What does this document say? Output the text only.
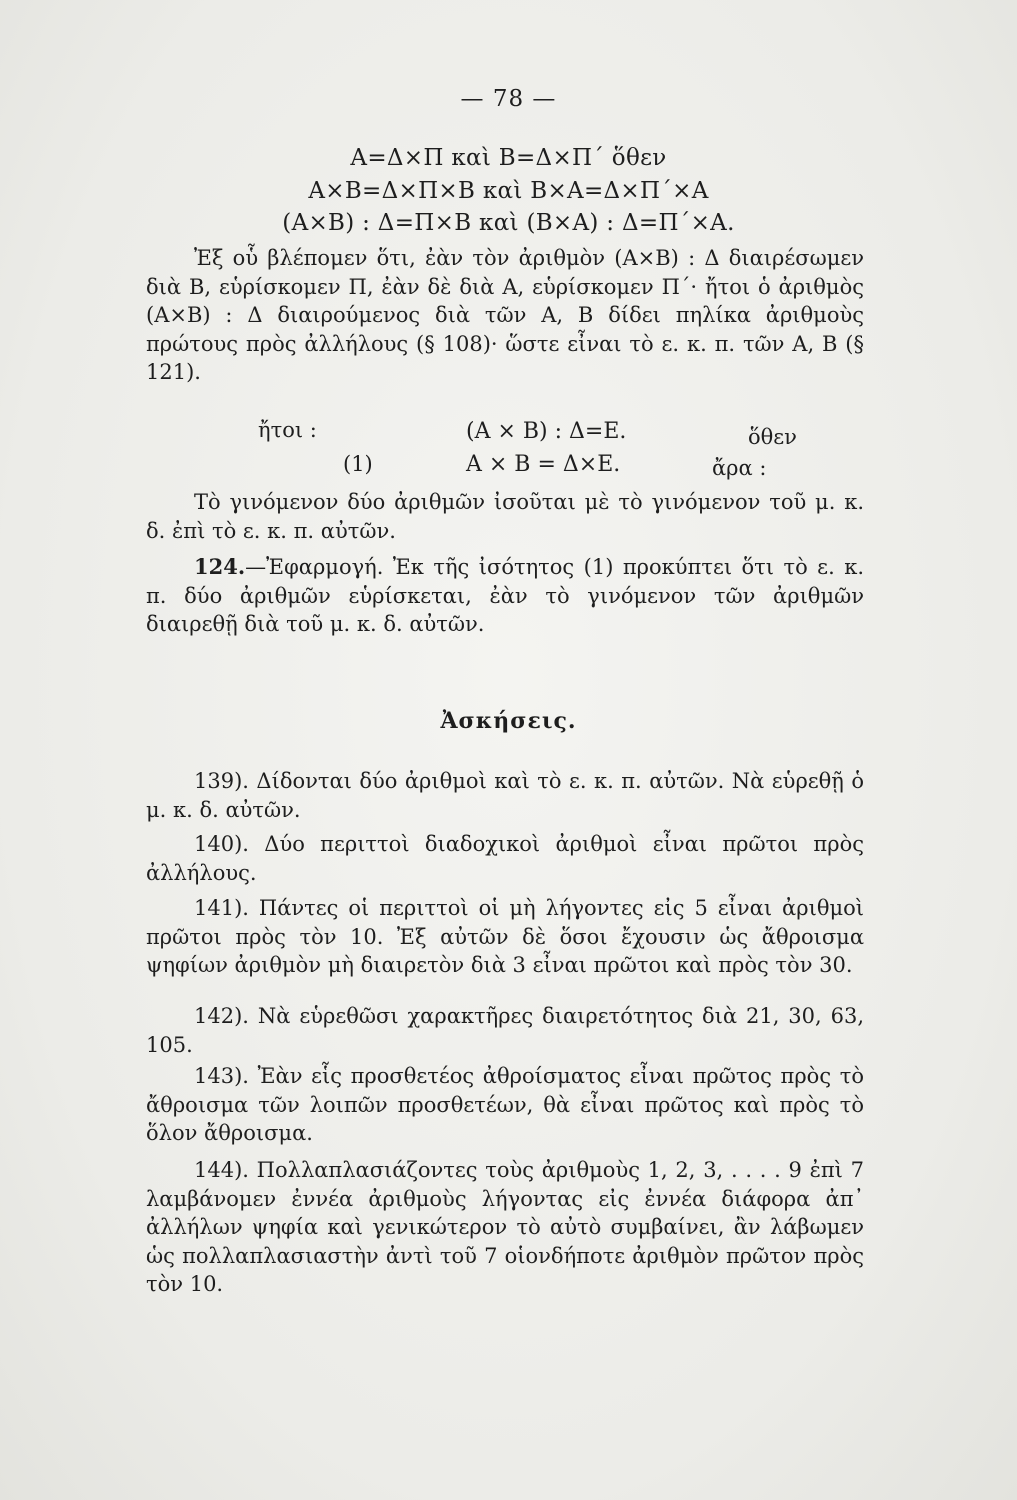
— 78 —
A=Δ×Π καὶ B=Δ×Π΄ ὅθεν
A×B=Δ×Π×B καὶ B×A=Δ×Π΄×A
(A×B) : Δ=Π×B καὶ (B×A) : Δ=Π΄×A.
Ἐξ οὗ βλέπομεν ὅτι, ἐὰν τὸν ἀριθμὸν (A×B) : Δ διαιρέσωμεν διὰ B, εὑρίσκομεν Π, ἐὰν δὲ διὰ A, εὑρίσκομεν Π΄· ἤτοι ὁ ἀριθμὸς (A×B) : Δ διαιρούμενος διὰ τῶν A, B δίδει πηλίκα ἀριθμοὺς πρώτους πρὸς ἀλλήλους (§ 108)· ὥστε εἶναι τὸ ε. κ. π. τῶν A, B (§ 121).
ἤτοι :	(A × B) : Δ=E.	ὅθεν
(1)	A × B = Δ×E.	ἄρα :
Τὸ γινόμενον δύο ἀριθμῶν ἰσοῦται μὲ τὸ γινόμενον τοῦ μ. κ. δ. ἐπὶ τὸ ε. κ. π. αὐτῶν.
124.—Ἐφαρμογή. Ἐκ τῆς ἰσότητος (1) προκύπτει ὅτι τὸ ε. κ. π. δύο ἀριθμῶν εὑρίσκεται, ἐὰν τὸ γινόμενον τῶν ἀριθμῶν διαιρεθῇ διὰ τοῦ μ. κ. δ. αὐτῶν.
Ἀσκήσεις.
139). Δίδονται δύο ἀριθμοὶ καὶ τὸ ε. κ. π. αὐτῶν. Νὰ εὑρεθῇ ὁ μ. κ. δ. αὐτῶν.
140). Δύο περιττοὶ διαδοχικοὶ ἀριθμοὶ εἶναι πρῶτοι πρὸς ἀλλήλους.
141). Πάντες οἱ περιττοὶ οἱ μὴ λήγοντες εἰς 5 εἶναι ἀριθμοὶ πρῶτοι πρὸς τὸν 10. Ἐξ αὐτῶν δὲ ὅσοι ἔχουσιν ὡς ἄθροισμα ψηφίων ἀριθμὸν μὴ διαιρετὸν διὰ 3 εἶναι πρῶτοι καὶ πρὸς τὸν 30.
142). Νὰ εὑρεθῶσι χαρακτῆρες διαιρετότητος διὰ 21, 30, 63, 105.
143). Ἐὰν εἷς προσθετέος ἀθροίσματος εἶναι πρῶτος πρὸς τὸ ἄθροισμα τῶν λοιπῶν προσθετέων, θὰ εἶναι πρῶτος καὶ πρὸς τὸ ὅλον ἄθροισμα.
144). Πολλαπλασιάζοντες τοὺς ἀριθμοὺς 1, 2, 3, . . . . 9 ἐπὶ 7 λαμβάνομεν ἐννέα ἀριθμοὺς λήγοντας εἰς ἐννέα διάφορα ἀπ᾽ ἀλλήλων ψηφία καὶ γενικώτερον τὸ αὐτὸ συμβαίνει, ἂν λάβωμεν ὡς πολλαπλασιαστὴν ἀντὶ τοῦ 7 οἱονδήποτε ἀριθμὸν πρῶτον πρὸς τὸν 10.
